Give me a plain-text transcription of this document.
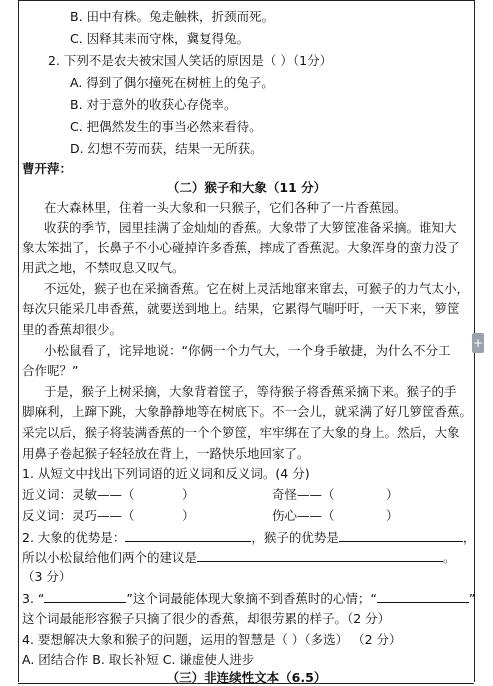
B. 田中有株。兔走触株，折颈而死。
C. 因释其耒而守株，冀复得兔。
2. 下列不是农夫被宋国人笑话的原因是（ ）（1分）
A. 得到了偶尔撞死在树桩上的兔子。
B. 对于意外的收获心存侥幸。
C. 把偶然发生的事当必然来看待。
D. 幻想不劳而获，结果一无所获。
曹开萍：
（二）猴子和大象（11 分）
在大森林里，住着一头大象和一只猴子，它们各种了一片香蕉园。
收获的季节，园里挂满了金灿灿的香蕉。大象带了大箩筐准备采摘。谁知大
象太笨拙了，长鼻子不小心碰掉许多香蕉，摔成了香蕉泥。大象浑身的蛮力没了
用武之地，不禁叹息又叹气。
不远处，猴子也在采摘香蕉。它在树上灵活地窜来窜去，可猴子的力气太小，
每次只能采几串香蕉，就要送到地上。结果，它累得气喘吁吁，一天下来，箩筐
里的香蕉却很少。
小松鼠看了，诧异地说：“你俩一个力气大，一个身手敏捷，为什么不分工
合作呢？”
于是，猴子上树采摘，大象背着筐子，等待猴子将香蕉采摘下来。猴子的手
脚麻利，上蹿下跳，大象静静地等在树底下。不一会儿，就采满了好几箩筐香蕉。
采完以后，猴子将装满香蕉的一个个箩筐，牢牢绑在了大象的身上。然后，大象
用鼻子卷起猴子轻轻放在背上，一路快乐地回家了。
1. 从短文中找出下列词语的近义词和反义词。(4 分)
近义词：灵敏——（	）	奇怪——（	）
反义词：灵巧——（	）	伤心——（	）
2. 大象的优势是：	，猴子的优势是	，
所以小松鼠给他们两个的建议是	。
（3 分）
3. “	”这个词最能体现大象摘不到香蕉时的心情；“	”
这个词最能形容猴子只摘了很少的香蕉，却很劳累的样子。（2 分）
4. 要想解决大象和猴子的问题，运用的智慧是（ ）（多选） （2 分）
A. 团结合作 B. 取长补短 C. 谦虚使人进步
（三）非连续性文本（6.5）
+
